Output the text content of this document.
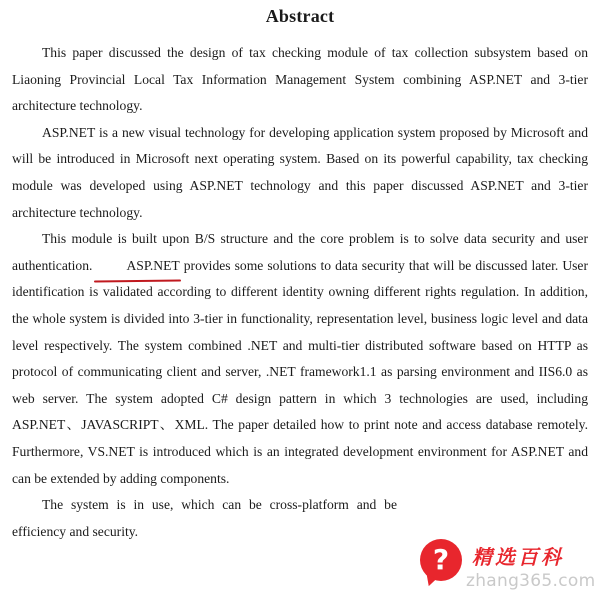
Abstract

This paper discussed the design of tax checking module of tax collection subsystem based on Liaoning Provincial Local Tax Information Management System combining ASP.NET and 3-tier architecture technology.

ASP.NET is a new visual technology for developing application system proposed by Microsoft and will be introduced in Microsoft next operating system. Based on its powerful capability, tax checking module was developed using ASP.NET technology and this paper discussed ASP.NET and 3-tier architecture technology.

This module is built upon B/S structure and the core problem is to solve data security and user authentication. ASP.NET provides some solutions to data security that will be discussed later. User identification is validated according to different identity owning different rights regulation. In addition, the whole system is divided into 3-tier in functionality, representation level, business logic level and data level respectively. The system combined .NET and multi-tier distributed software based on HTTP as protocol of communicating client and server, .NET framework1.1 as parsing environment and IIS6.0 as web server. The system adopted C# design pattern in which 3 technologies are used, including ASP.NET、JAVASCRIPT、XML. The paper detailed how to print note and access database remotely. Furthermore, VS.NET is introduced which is an integrated development environment for ASP.NET and can be extended by adding components.

The system is in use, which can be cross-platform and be efficiency and security.

?	精选百科
zhang365.com
